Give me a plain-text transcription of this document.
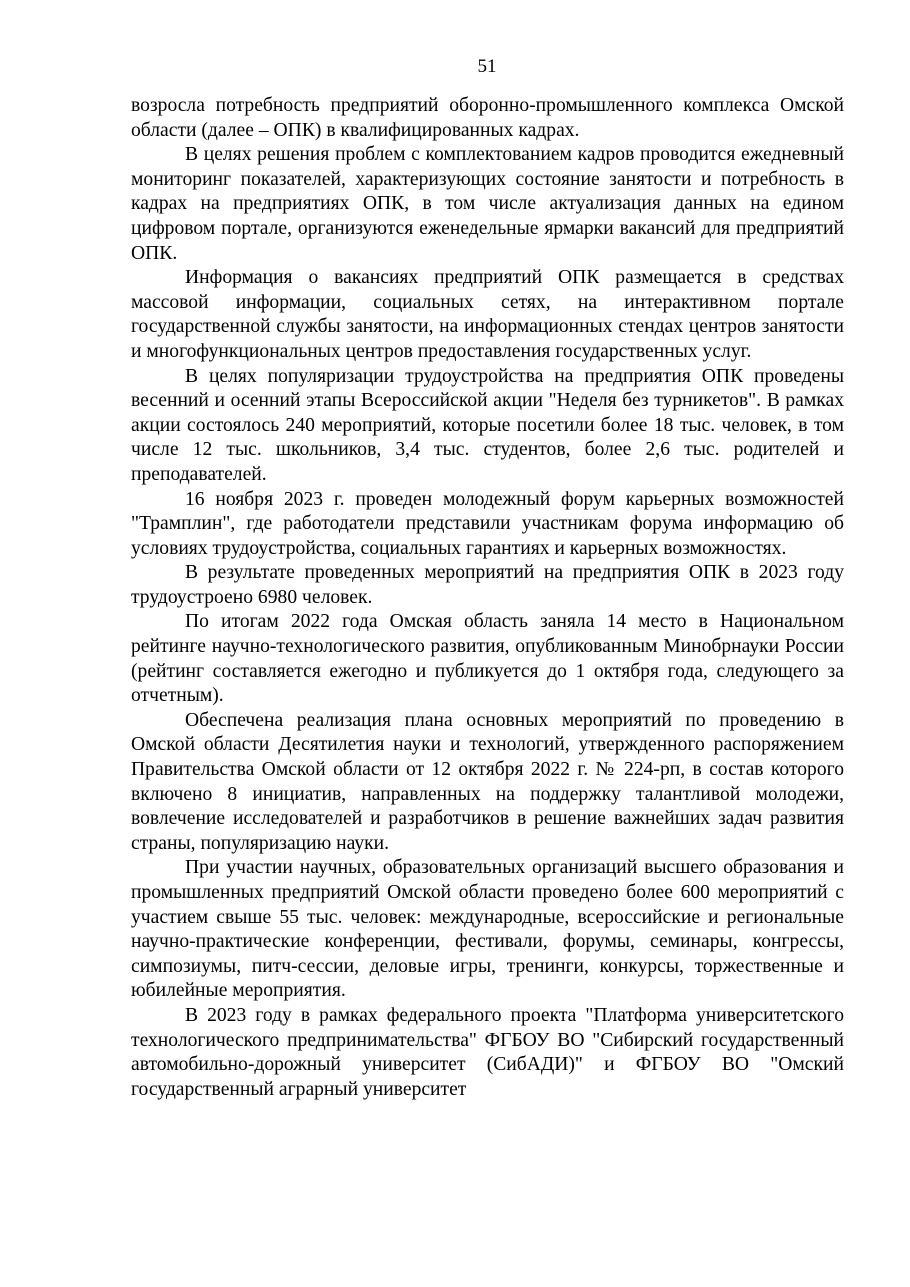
51

возросла потребность предприятий оборонно-промышленного комплекса Омской области (далее – ОПК) в квалифицированных кадрах.

В целях решения проблем с комплектованием кадров проводится ежедневный мониторинг показателей, характеризующих состояние занятости и потребность в кадрах на предприятиях ОПК, в том числе актуализация данных на едином цифровом портале, организуются еженедельные ярмарки вакансий для предприятий ОПК.

Информация о вакансиях предприятий ОПК размещается в средствах массовой информации, социальных сетях, на интерактивном портале государственной службы занятости, на информационных стендах центров занятости и многофункциональных центров предоставления государственных услуг.

В целях популяризации трудоустройства на предприятия ОПК проведены весенний и осенний этапы Всероссийской акции "Неделя без турникетов". В рамках акции состоялось 240 мероприятий, которые посетили более 18 тыс. человек, в том числе 12 тыс. школьников, 3,4 тыс. студентов, более 2,6 тыс. родителей и преподавателей.

16 ноября 2023 г. проведен молодежный форум карьерных возможностей "Трамплин", где работодатели представили участникам форума информацию об условиях трудоустройства, социальных гарантиях и карьерных возможностях.

В результате проведенных мероприятий на предприятия ОПК в 2023 году трудоустроено 6980 человек.

По итогам 2022 года Омская область заняла 14 место в Национальном рейтинге научно-технологического развития, опубликованным Минобрнауки России (рейтинг составляется ежегодно и публикуется до 1 октября года, следующего за отчетным).

Обеспечена реализация плана основных мероприятий по проведению в Омской области Десятилетия науки и технологий, утвержденного распоряжением Правительства Омской области от 12 октября 2022 г. № 224-рп, в состав которого включено 8 инициатив, направленных на поддержку талантливой молодежи, вовлечение исследователей и разработчиков в решение важнейших задач развития страны, популяризацию науки.

При участии научных, образовательных организаций высшего образования и промышленных предприятий Омской области проведено более 600 мероприятий с участием свыше 55 тыс. человек: международные, всероссийские и региональные научно-практические конференции, фестивали, форумы, семинары, конгрессы, симпозиумы, питч-сессии, деловые игры, тренинги, конкурсы, торжественные и юбилейные мероприятия.

В 2023 году в рамках федерального проекта "Платформа университетского технологического предпринимательства" ФГБОУ ВО "Сибирский государственный автомобильно-дорожный университет (СибАДИ)" и ФГБОУ ВО "Омский государственный аграрный университет
